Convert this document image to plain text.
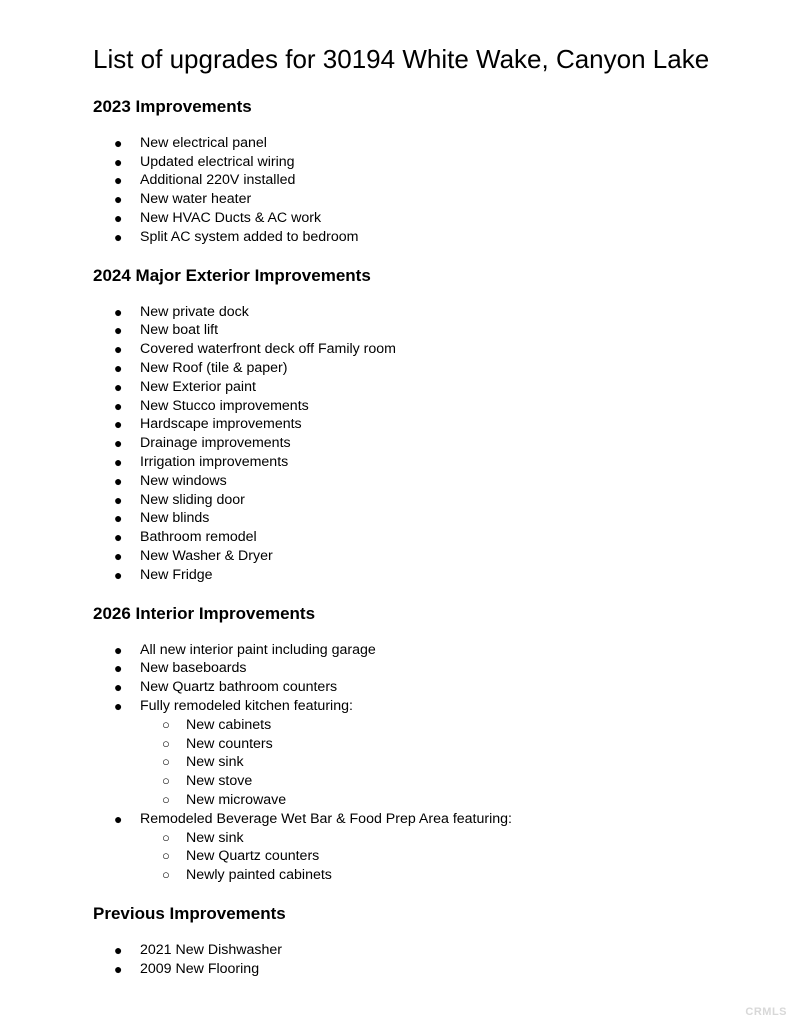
List of upgrades for 30194 White Wake, Canyon Lake
2023 Improvements
● New electrical panel
● Updated electrical wiring
● Additional 220V installed
● New water heater
● New HVAC Ducts & AC work
● Split AC system added to bedroom
2024 Major Exterior Improvements
● New private dock
● New boat lift
● Covered waterfront deck off Family room
● New Roof (tile & paper)
● New Exterior paint
● New Stucco improvements
● Hardscape improvements
● Drainage improvements
● Irrigation improvements
● New windows
● New sliding door
● New blinds
● Bathroom remodel
● New Washer & Dryer
● New Fridge
2026 Interior Improvements
● All new interior paint including garage
● New baseboards
● New Quartz bathroom counters
● Fully remodeled kitchen featuring:
○ New cabinets
○ New counters
○ New sink
○ New stove
○ New microwave
● Remodeled Beverage Wet Bar & Food Prep Area featuring:
○ New sink
○ New Quartz counters
○ Newly painted cabinets
Previous Improvements
● 2021 New Dishwasher
● 2009 New Flooring
CRMLS
